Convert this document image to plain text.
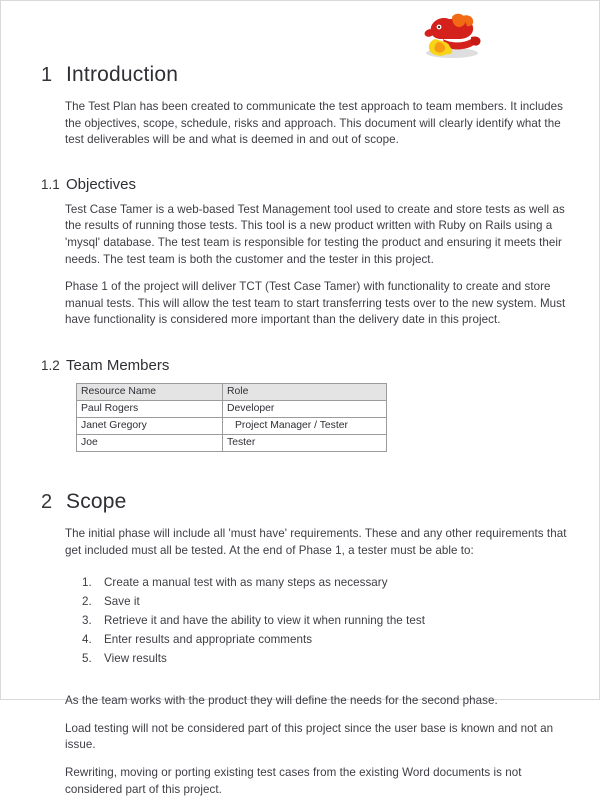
1 Introduction

The Test Plan has been created to communicate the test approach to team members. It includes the objectives, scope, schedule, risks and approach. This document will clearly identify what the test deliverables will be and what is deemed in and out of scope.

1.1 Objectives

Test Case Tamer is a web-based Test Management tool used to create and store tests as well as the results of running those tests. This tool is a new product written with Ruby on Rails using a 'mysql' database. The test team is responsible for testing the product and ensuring it meets their needs. The test team is both the customer and the tester in this project.

Phase 1 of the project will deliver TCT (Test Case Tamer) with functionality to create and store manual tests. This will allow the test team to start transferring tests over to the new system. Must have functionality is considered more important than the delivery date in this project.

1.2 Team Members
Resource Name	Role
Paul Rogers	Developer
Janet Gregory	Project Manager / Tester
Joe	Tester
2 Scope

The initial phase will include all 'must have' requirements. These and any other requirements that get included must all be tested. At the end of Phase 1, a tester must be able to:

Create a manual test with as many steps as necessary
Save it
Retrieve it and have the ability to view it when running the test
Enter results and appropriate comments
View results

As the team works with the product they will define the needs for the second phase.

Load testing will not be considered part of this project since the user base is known and not an issue.

Rewriting, moving or porting existing test cases from the existing Word documents is not considered part of this project.
